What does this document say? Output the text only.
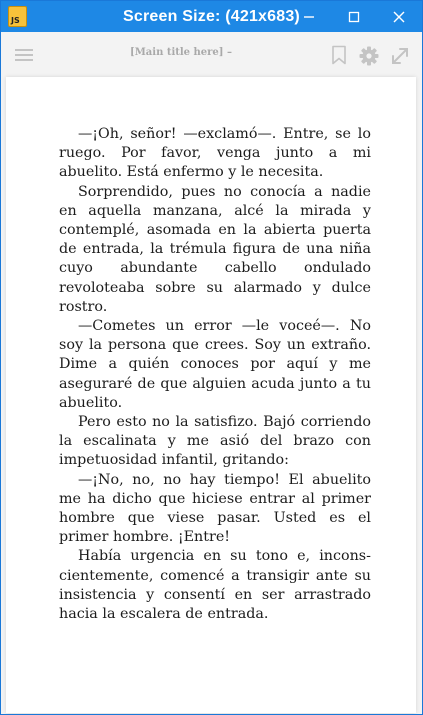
JS	Screen Size: (421x683)
[Main title here] –

—¡Oh, señor! —exclamó—. Entre, se lo ruego. Por favor, venga junto a mi abuelito. Está enfermo y le necesita.

Sorprendido, pues no conocía a nadie en aquella manzana, alcé la mirada y contemplé, asomada en la abierta puerta de entrada, la trémula figura de una niña cuyo abundante cabello ondulado revoloteaba sobre su alarmado y dulce rostro.

—Cometes un error —le voceé—. No soy la persona que crees. Soy un extraño. Dime a quién conoces por aquí y me aseguraré de que alguien acuda junto a tu abuelito.

Pero esto no la satisfizo. Bajó corriendo la escalinata y me asió del brazo con impetuosidad infantil, gritando:

—¡No, no, no hay tiempo! El abuelito me ha dicho que hiciese entrar al primer hombre que viese pasar. Usted es el primer hombre. ¡Entre!

Había urgencia en su tono e, inconscientemente, comencé a transigir ante su insistencia y consentí en ser arrastrado hacia la escalera de entrada.
